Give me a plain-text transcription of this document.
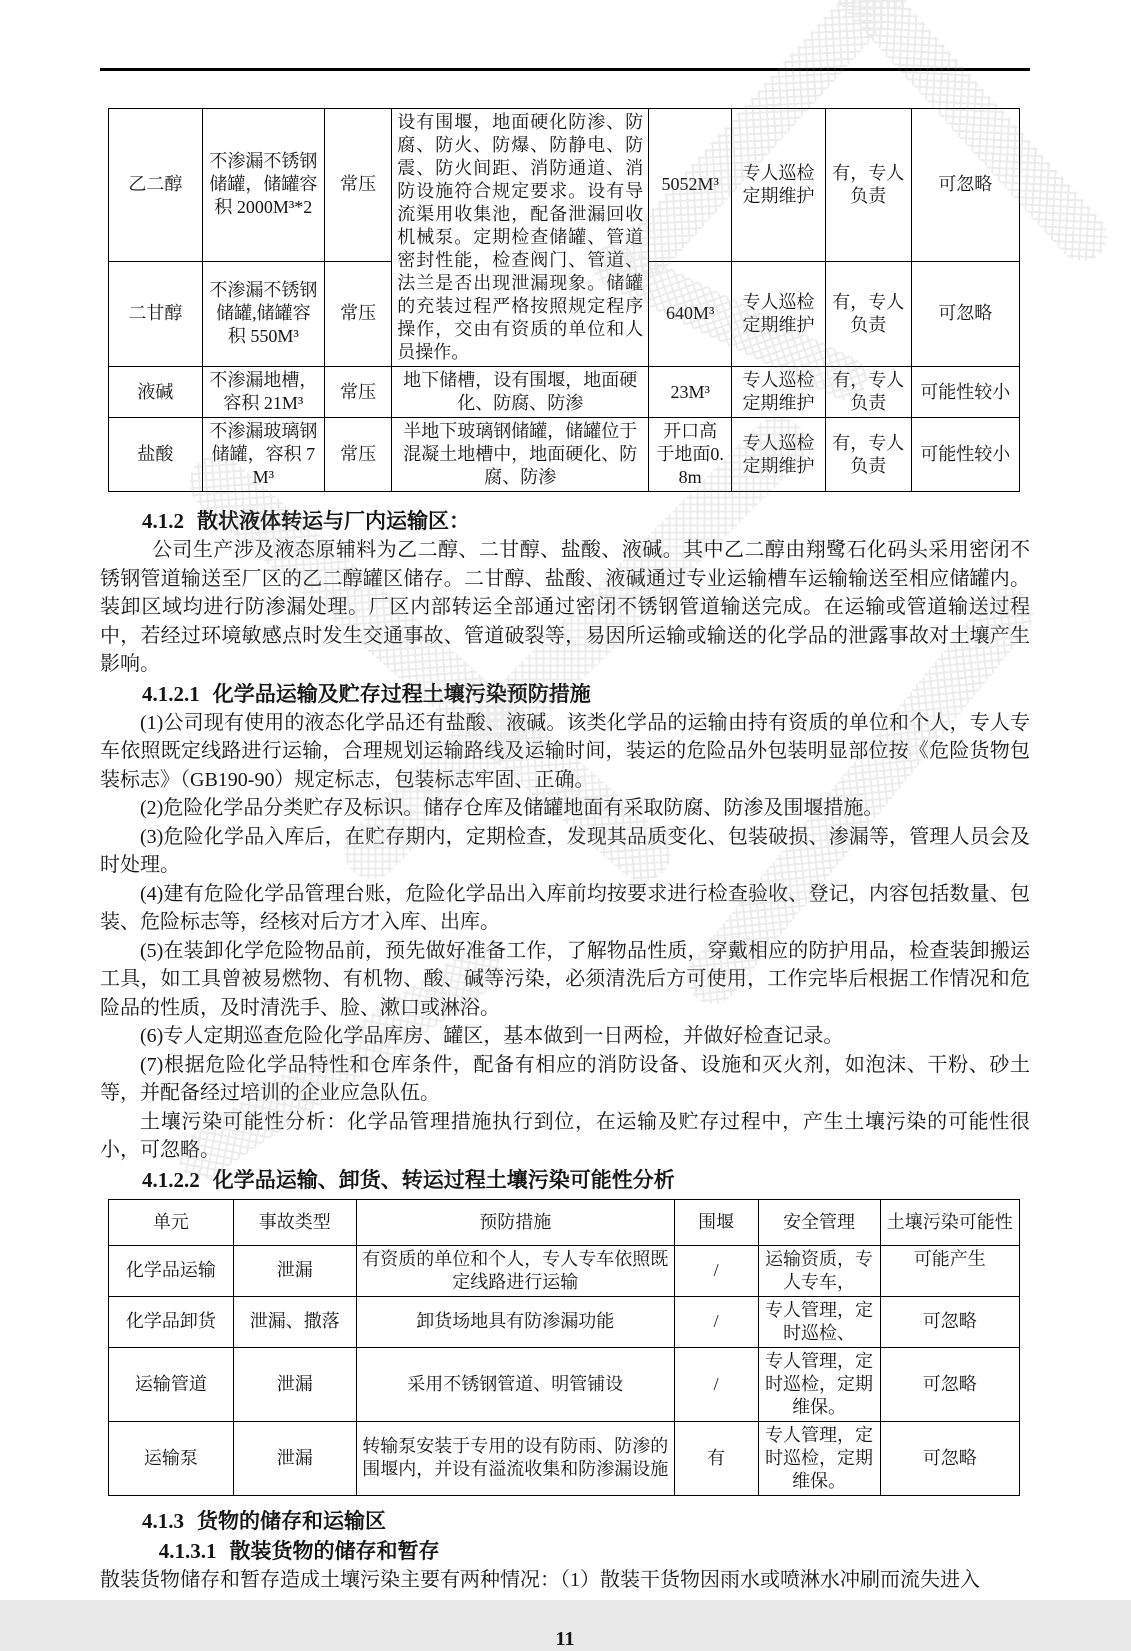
乙二醇	不渗漏不锈钢储罐，储罐容积 2000M³*2	常压	设有围堰，地面硬化防渗、防腐、防火、防爆、防静电、防震、防火间距、消防通道、消防设施符合规定要求。设有导流渠用收集池，配备泄漏回收机械泵。定期检查储罐、管道密封性能，检查阀门、管道、法兰是否出现泄漏现象。储罐的充装过程严格按照规定程序操作，交由有资质的单位和人员操作。	5052M³	专人巡检 定期维护	有，专人负责	可忽略
二甘醇	不渗漏不锈钢储罐,储罐容积 550M³	常压		640M³	专人巡检 定期维护	有，专人负责	可忽略
液碱	不渗漏地槽，容积 21M³	常压	地下储槽，设有围堰，地面硬化、防腐、防渗	23M³	专人巡检 定期维护	有，专人负责	可能性较小
盐酸	不渗漏玻璃钢储罐，容积 7M³	常压	半地下玻璃钢储罐，储罐位于混凝土地槽中，地面硬化、防腐、防渗	开口高于地面0.8m	专人巡检 定期维护	有，专人负责	可能性较小
4.1.2 散状液体转运与厂内运输区：

公司生产涉及液态原辅料为乙二醇、二甘醇、盐酸、液碱。其中乙二醇由翔鹭石化码头采用密闭不锈钢管道输送至厂区的乙二醇罐区储存。二甘醇、盐酸、液碱通过专业运输槽车运输输送至相应储罐内。装卸区域均进行防渗漏处理。厂区内部转运全部通过密闭不锈钢管道输送完成。在运输或管道输送过程中，若经过环境敏感点时发生交通事故、管道破裂等，易因所运输或输送的化学品的泄露事故对土壤产生影响。

4.1.2.1 化学品运输及贮存过程土壤污染预防措施

(1)公司现有使用的液态化学品还有盐酸、液碱。该类化学品的运输由持有资质的单位和个人，专人专车依照既定线路进行运输，合理规划运输路线及运输时间，装运的危险品外包装明显部位按《危险货物包装标志》（GB190-90）规定标志，包装标志牢固、正确。

(2)危险化学品分类贮存及标识。储存仓库及储罐地面有采取防腐、防渗及围堰措施。

(3)危险化学品入库后，在贮存期内，定期检查，发现其品质变化、包装破损、渗漏等，管理人员会及时处理。

(4)建有危险化学品管理台账，危险化学品出入库前均按要求进行检查验收、登记，内容包括数量、包装、危险标志等，经核对后方才入库、出库。

(5)在装卸化学危险物品前，预先做好准备工作，了解物品性质，穿戴相应的防护用品，检查装卸搬运工具，如工具曾被易燃物、有机物、酸、碱等污染，必须清洗后方可使用，工作完毕后根据工作情况和危险品的性质，及时清洗手、脸、漱口或淋浴。

(6)专人定期巡查危险化学品库房、罐区，基本做到一日两检，并做好检查记录。

(7)根据危险化学品特性和仓库条件，配备有相应的消防设备、设施和灭火剂，如泡沫、干粉、砂土等，并配备经过培训的企业应急队伍。

土壤污染可能性分析：化学品管理措施执行到位，在运输及贮存过程中，产生土壤污染的可能性很小，可忽略。

4.1.2.2 化学品运输、卸货、转运过程土壤污染可能性分析
单元	事故类型	预防措施	围堰	安全管理	土壤污染可能性
化学品运输	泄漏	有资质的单位和个人，专人专车依照既定线路进行运输	/	运输资质，专人专车，	可能产生
化学品卸货	泄漏、撒落	卸货场地具有防渗漏功能	/	专人管理，定时巡检、	可忽略
运输管道	泄漏	采用不锈钢管道、明管铺设	/	专人管理，定时巡检，定期维保。	可忽略
运输泵	泄漏	转输泵安装于专用的设有防雨、防渗的围堰内，并设有溢流收集和防渗漏设施	有	专人管理，定时巡检，定期维保。	可忽略
4.1.3 货物的储存和运输区
4.1.3.1 散装货物的储存和暂存

散装货物储存和暂存造成土壤污染主要有两种情况：（1）散装干货物因雨水或喷淋水冲刷而流失进入

11
